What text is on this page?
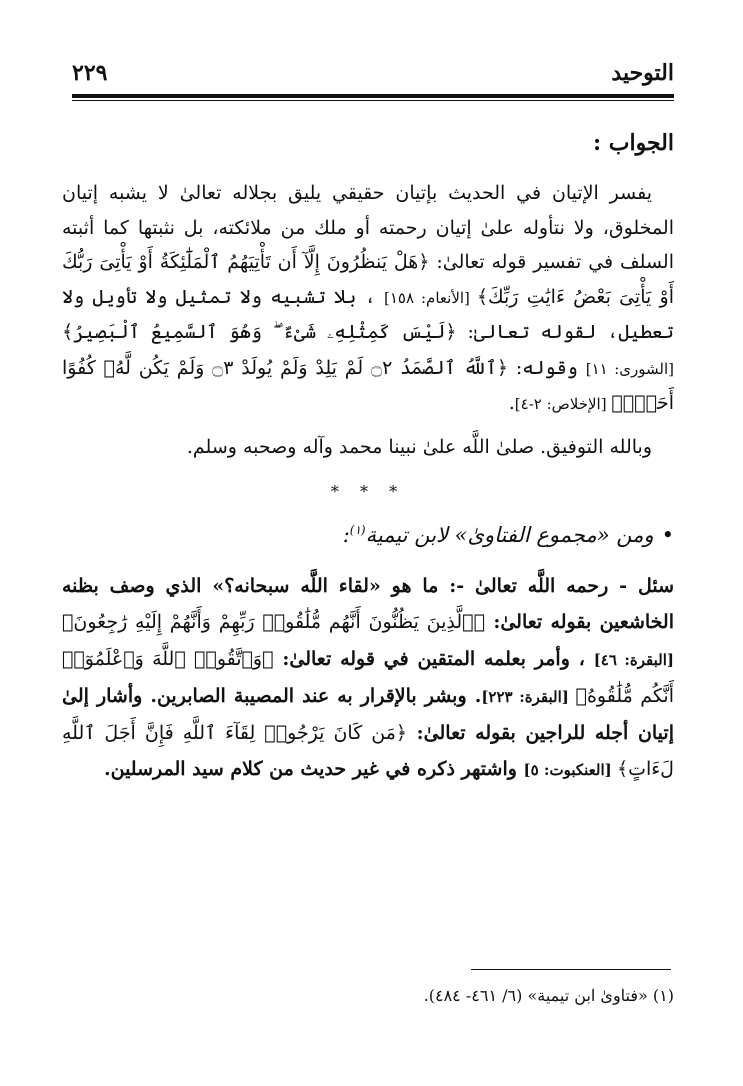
التوحيد
٢٢٩
الجواب :

يفسر الإتيان في الحديث بإتيان حقيقي يليق بجلاله تعالىٰ لا يشبه إتيان المخلوق، ولا نتأوله علىٰ إتيان رحمته أو ملك من ملائكته، بل نثبتها كما أثبته السلف في تفسير قوله تعالىٰ: ﴿هَلْ يَنظُرُونَ إِلَّآ أَن تَأْتِيَهُمُ ٱلْمَلَٰٓئِكَةُ أَوْ يَأْتِىَ رَبُّكَ أَوْ يَأْتِىَ بَعْضُ ءَايَٰتِ رَبِّكَ﴾ [الأنعام: ١٥٨] ، بلا تشبيه ولا تمثيل ولا تأويل ولا تعطيل، لقوله تعالىٰ: ﴿لَيْسَ كَمِثْلِهِۦ شَىْءٌ ۖ وَهُوَ ٱلسَّمِيعُ ٱلْبَصِيرُ﴾ [الشورى: ١١] وقوله: ﴿ٱللَّهُ ٱلصَّمَدُ ۝٢ لَمْ يَلِدْ وَلَمْ يُولَدْ ۝٣ وَلَمْ يَكُن لَّهُۥ كُفُوًا أَحَدٌۢ﴾ [الإخلاص: ٢-٤].

وبالله التوفيق. صلىٰ اللَّه علىٰ نبينا محمد وآله وصحبه وسلم.

* * *
•ومن «مجموع الفتاوىٰ» لابن تيمية$^{(١)}$:

سئل - رحمه اللَّه تعالىٰ -: ما هو «لقاء اللَّه سبحانه؟» الذي وصف بظنه الخاشعين بقوله تعالىٰ: ﴿ٱلَّذِينَ يَظُنُّونَ أَنَّهُم مُّلَٰقُوا۟ رَبِّهِمْ وَأَنَّهُمْ إِلَيْهِ رَٰجِعُونَ﴾ [البقرة: ٤٦] ، وأمر بعلمه المتقين في قوله تعالىٰ: ﴿وَٱتَّقُوا۟ ٱللَّهَ وَٱعْلَمُوٓا۟ أَنَّكُم مُّلَٰقُوهُ﴾ [البقرة: ٢٢٣]. وبشر بالإقرار به عند المصيبة الصابرين. وأشار إلىٰ إتيان أجله للراجين بقوله تعالىٰ: ﴿مَن كَانَ يَرْجُوا۟ لِقَآءَ ٱللَّهِ فَإِنَّ أَجَلَ ٱللَّهِ لَءَاتٍ﴾ [العنكبوت: ٥] واشتهر ذكره في غير حديث من كلام سيد المرسلين.

(١) «فتاوىٰ ابن تيمية» (٦/ ٤٦١- ٤٨٤).
